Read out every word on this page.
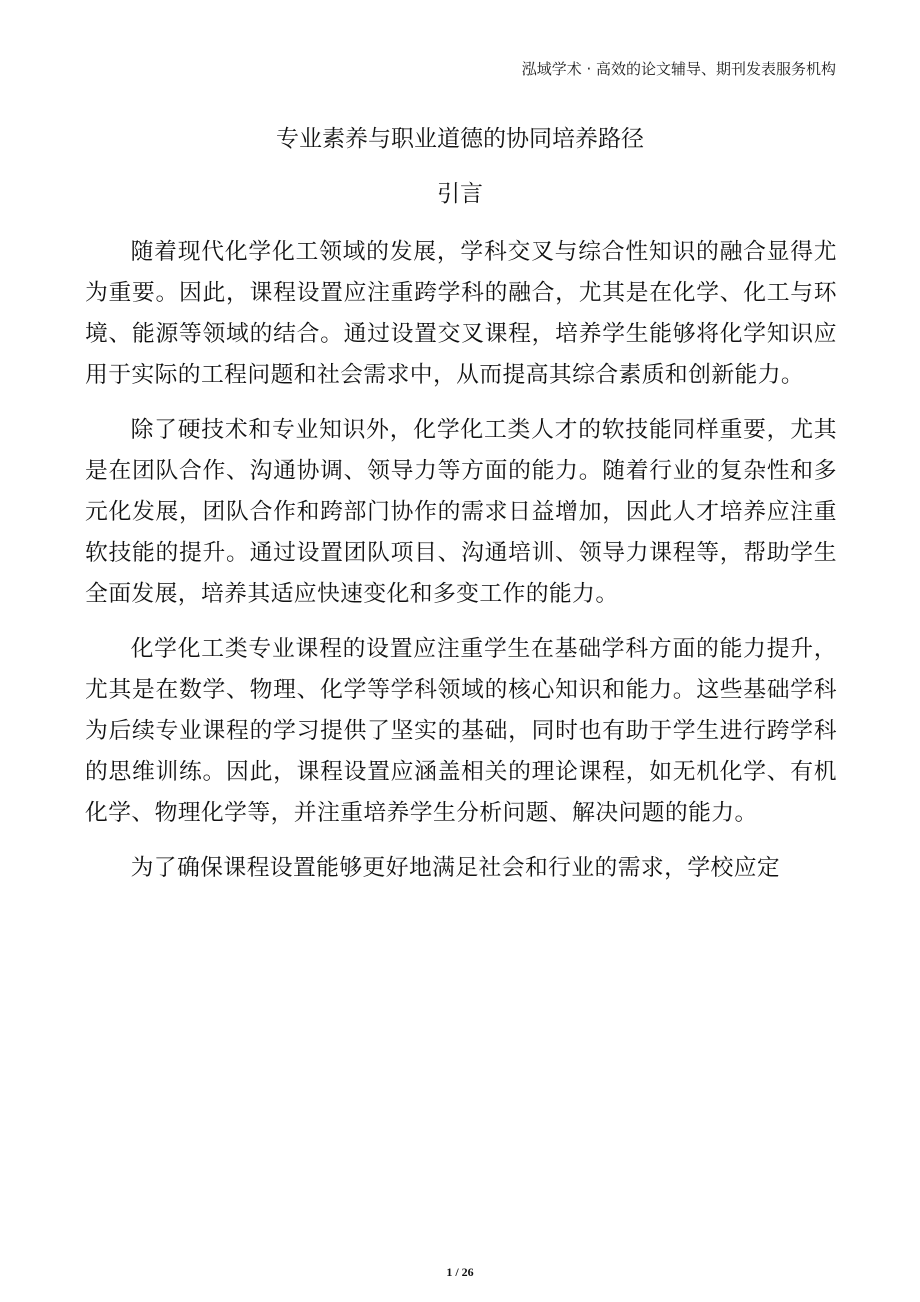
泓域学术 · 高效的论文辅导、期刊发表服务机构
专业素养与职业道德的协同培养路径
引言

随着现代化学化工领域的发展，学科交叉与综合性知识的融合显得尤为重要。因此，课程设置应注重跨学科的融合，尤其是在化学、化工与环境、能源等领域的结合。通过设置交叉课程，培养学生能够将化学知识应用于实际的工程问题和社会需求中，从而提高其综合素质和创新能力。

除了硬技术和专业知识外，化学化工类人才的软技能同样重要，尤其是在团队合作、沟通协调、领导力等方面的能力。随着行业的复杂性和多元化发展，团队合作和跨部门协作的需求日益增加，因此人才培养应注重软技能的提升。通过设置团队项目、沟通培训、领导力课程等，帮助学生全面发展，培养其适应快速变化和多变工作的能力。

化学化工类专业课程的设置应注重学生在基础学科方面的能力提升，尤其是在数学、物理、化学等学科领域的核心知识和能力。这些基础学科为后续专业课程的学习提供了坚实的基础，同时也有助于学生进行跨学科的思维训练。因此，课程设置应涵盖相关的理论课程，如无机化学、有机化学、物理化学等，并注重培养学生分析问题、解决问题的能力。

为了确保课程设置能够更好地满足社会和行业的需求，学校应定

1 / 26
